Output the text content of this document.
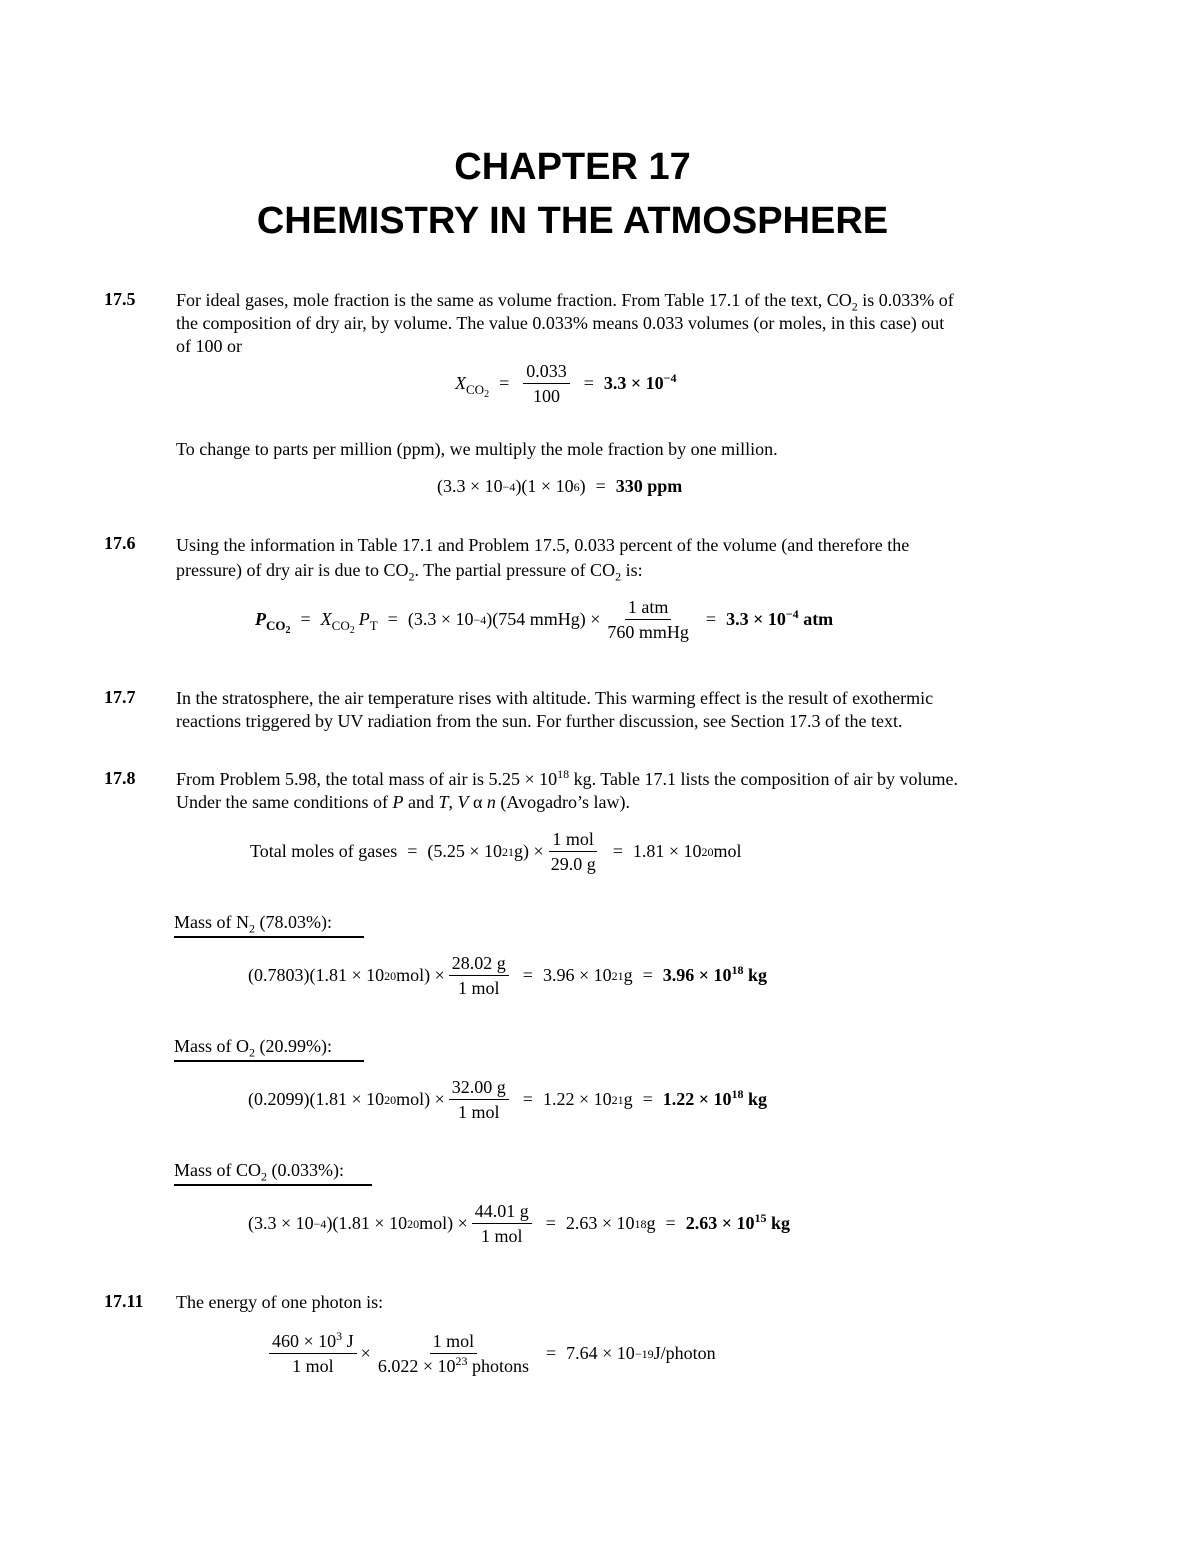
CHAPTER 17
CHEMISTRY IN THE ATMOSPHERE
17.5 For ideal gases, mole fraction is the same as volume fraction. From Table 17.1 of the text, $CO_2$ is 0.033% of
the composition of dry air, by volume. The value 0.033% means 0.033 volumes (or moles, in this case) out
of 100 or
X $CO_2$
= $\frac{0.033}{100} = 3.3 \times 10^{-4}$
To change to parts per million (ppm), we multiply the mole fraction by one million.
(3.3 × 10 −4 )(1 × 10 6 ) = 330 ppm
17.6 Using the information in Table 17.1 and Problem 17.5, 0.033 percent of the volume (and therefore the
pressure) of dry air is due to $CO_2$. The partial pressure of $CO_2$ is:
P $CO_2$
= X $CO_2$
P T = (3.3 × 10 −4 )(754 mmHg) × $\frac{\text{1 atm}}{\text{760 mmHg}} = 3.3 \times 10^{-4}$ atm
17.7 In the stratosphere, the air temperature rises with altitude. This warming effect is the result of exothermic
reactions triggered by UV radiation from the sun. For further discussion, see Section 17.3 of the text.
17.8 From Problem 5.98, the total mass of air is $5.25 \times 10^{18}$ kg. Table 17.1 lists the composition of air by volume.
Under the same conditions of P and T, V α n (Avogadro’s law).
Total moles of gases = (5.25 × 10 21 $g) \times \frac{\text{1 mol}}{29.0 g} = 1.81 \times 10$ 20 mol
Mass of $N_2$ (78.03%):
(0.7803)(1.81 × 10 20 $mol) \times \frac{28.02 g}{\text{1 mol}} = 3.96 \times 10$ 21 $g = 3.96 \times 10^{18}$ kg
Mass of $O_2$ (20.99%):
(0.2099)(1.81 × 10 20 $mol) \times \frac{32.00 g}{\text{1 mol}} = 1.22 \times 10$ 21 $g = 1.22 \times 10^{18}$ kg
Mass of $CO_2$ (0.033%):
(3.3 × 10 −4 )(1.81 × 10 20 $mol) \times \frac{44.01 g}{\text{1 mol}} = 2.63 \times 10$ 18 $g = 2.63 \times 10^{15}$ kg
17.11 The energy of one photon is:
$\frac{460 \times 10^3 J}{\text{1 mol}} \times \frac{\text{1 mol}}{6.022 \times 10^{23} photons} = 7.64 \times 10 -19$ J/photon
